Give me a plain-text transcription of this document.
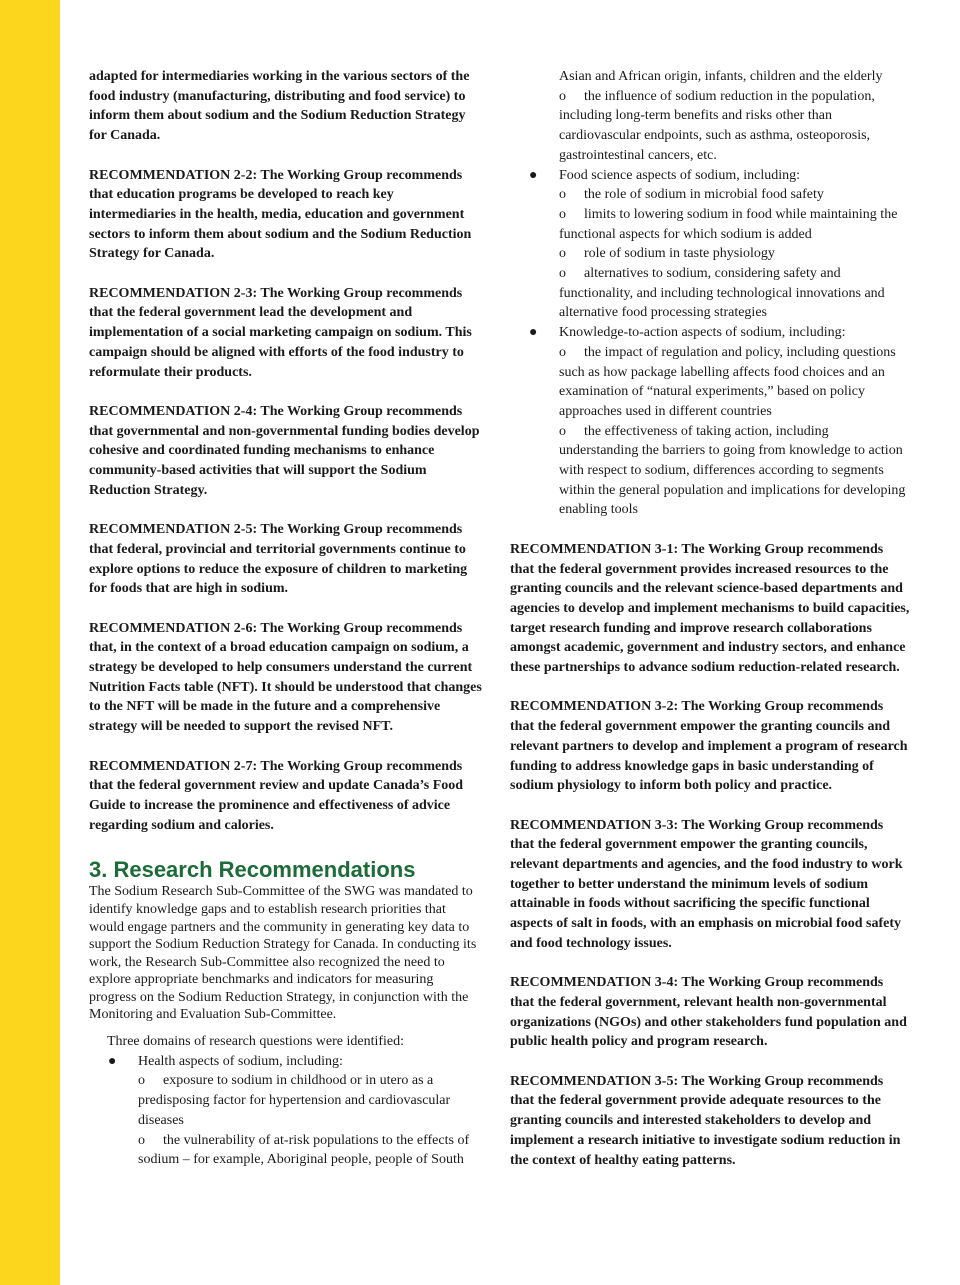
adapted for intermediaries working in the various sectors of the food industry (manufacturing, distributing and food service) to inform them about sodium and the Sodium Reduction Strategy for Canada.

RECOMMENDATION 2-2: The Working Group recommends that education programs be developed to reach key intermediaries in the health, media, education and government sectors to inform them about sodium and the Sodium Reduction Strategy for Canada.

RECOMMENDATION 2-3: The Working Group recommends that the federal government lead the development and implementation of a social marketing campaign on sodium. This campaign should be aligned with efforts of the food industry to reformulate their products.

RECOMMENDATION 2-4: The Working Group recommends that governmental and non-governmental funding bodies develop cohesive and coordinated funding mechanisms to enhance community-based activities that will support the Sodium Reduction Strategy.

RECOMMENDATION 2-5: The Working Group recommends that federal, provincial and territorial governments continue to explore options to reduce the exposure of children to marketing for foods that are high in sodium.

RECOMMENDATION 2-6: The Working Group recommends that, in the context of a broad education campaign on sodium, a strategy be developed to help consumers understand the current Nutrition Facts table (NFT). It should be understood that changes to the NFT will be made in the future and a comprehensive strategy will be needed to support the revised NFT.

RECOMMENDATION 2-7: The Working Group recommends that the federal government review and update Canada’s Food Guide to increase the prominence and effectiveness of advice regarding sodium and calories.

3. Research Recommendations

The Sodium Research Sub-Committee of the SWG was mandated to identify knowledge gaps and to establish research priorities that would engage partners and the community in generating key data to support the Sodium Reduction Strategy for Canada. In conducting its work, the Research Sub-Committee also recognized the need to explore appropriate benchmarks and indicators for measuring progress on the Sodium Reduction Strategy, in conjunction with the Monitoring and Evaluation Sub-Committee.

Three domains of research questions were identified:
● Health aspects of sodium, including:
o exposure to sodium in childhood or in utero as a predisposing factor for hypertension and cardiovascular diseases
o the vulnerability of at-risk populations to the effects of sodium – for example, Aboriginal people, people of South
Asian and African origin, infants, children and the elderly
o the influence of sodium reduction in the population, including long-term benefits and risks other than cardiovascular endpoints, such as asthma, osteoporosis, gastrointestinal cancers, etc.
● Food science aspects of sodium, including:
o the role of sodium in microbial food safety
o limits to lowering sodium in food while maintaining the functional aspects for which sodium is added
o role of sodium in taste physiology
o alternatives to sodium, considering safety and functionality, and including technological innovations and alternative food processing strategies
● Knowledge-to-action aspects of sodium, including:
o the impact of regulation and policy, including questions such as how package labelling affects food choices and an examination of “natural experiments,” based on policy approaches used in different countries
o the effectiveness of taking action, including understanding the barriers to going from knowledge to action with respect to sodium, differences according to segments within the general population and implications for developing enabling tools

RECOMMENDATION 3-1: The Working Group recommends that the federal government provides increased resources to the granting councils and the relevant science-based departments and agencies to develop and implement mechanisms to build capacities, target research funding and improve research collaborations amongst academic, government and industry sectors, and enhance these partnerships to advance sodium reduction-related research.

RECOMMENDATION 3-2: The Working Group recommends that the federal government empower the granting councils and relevant partners to develop and implement a program of research funding to address knowledge gaps in basic understanding of sodium physiology to inform both policy and practice.

RECOMMENDATION 3-3: The Working Group recommends that the federal government empower the granting councils, relevant departments and agencies, and the food industry to work together to better understand the minimum levels of sodium attainable in foods without sacrificing the specific functional aspects of salt in foods, with an emphasis on microbial food safety and food technology issues.

RECOMMENDATION 3-4: The Working Group recommends that the federal government, relevant health non-governmental organizations (NGOs) and other stakeholders fund population and public health policy and program research.

RECOMMENDATION 3-5: The Working Group recommends that the federal government provide adequate resources to the granting councils and interested stakeholders to develop and implement a research initiative to investigate sodium reduction in the context of healthy eating patterns.
